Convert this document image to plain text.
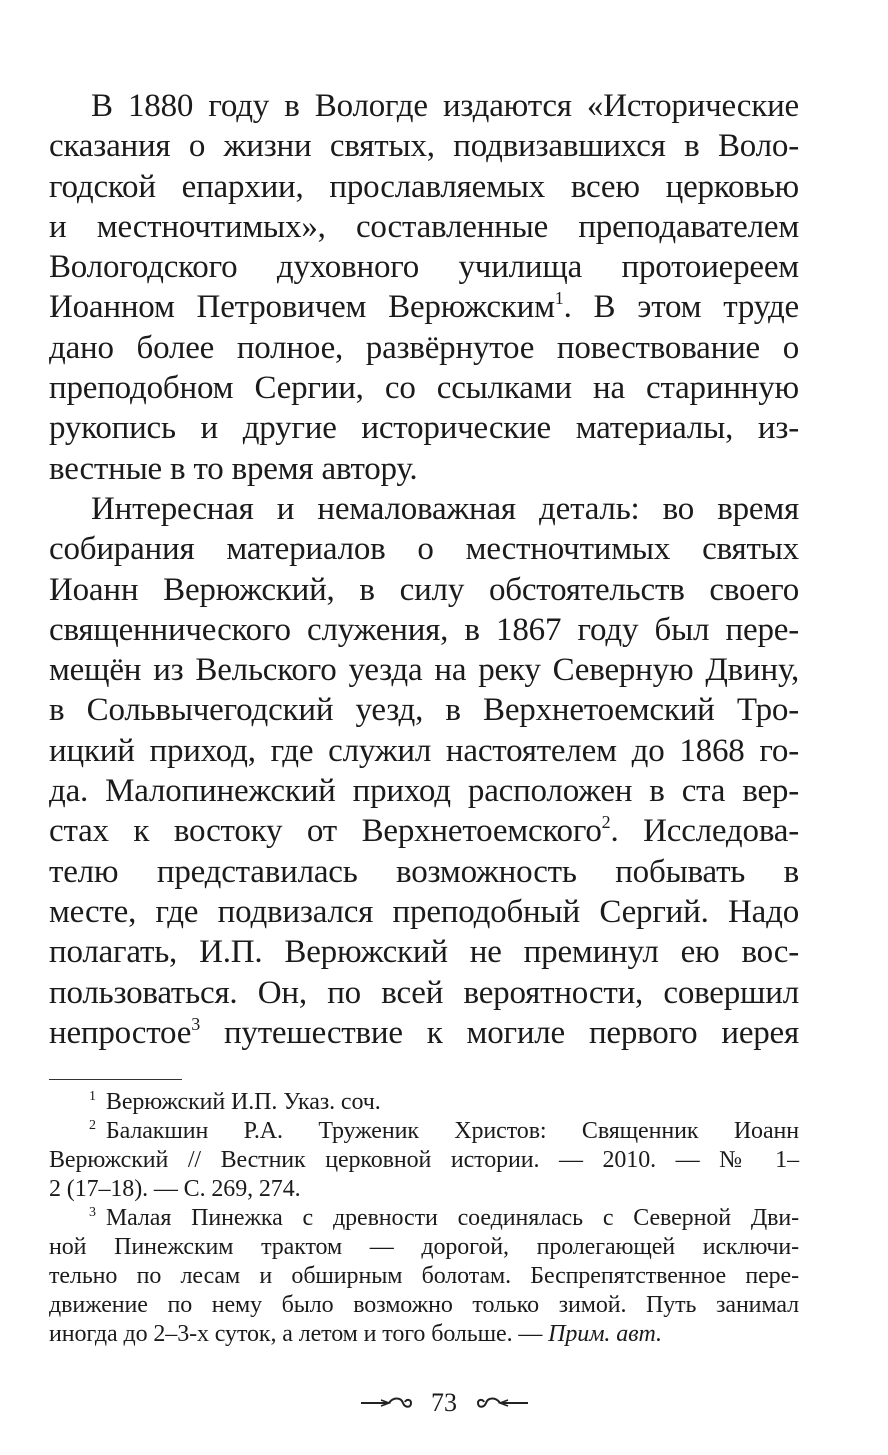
В 1880 году в Вологде издаются «Исторические
сказания о жизни святых, подвизавшихся в Воло-
годской епархии, прославляемых всею церковью
и местночтимых», составленные преподавателем
Вологодского духовного училища протоиереем
Иоанном Петровичем Верюжским$^1$. В этом труде
дано более полное, развёрнутое повествование о
преподобном Сергии, со ссылками на старинную
рукопись и другие исторические материалы, из-
вестные в то время автору.
Интересная и немаловажная деталь: во время
собирания материалов о местночтимых святых
Иоанн Верюжский, в силу обстоятельств своего
священнического служения, в 1867 году был пере-
мещён из Вельского уезда на реку Северную Двину,
в Сольвычегодский уезд, в Верхнетоемский Тро-
ицкий приход, где служил настоятелем до 1868 го-
да. Малопинежский приход расположен в ста вер-
стах к востоку от Верхнетоемского$^2$. Исследова-
телю представилась возможность побывать в
месте, где подвизался преподобный Сергий. Надо
полагать, И.П. Верюжский не преминул ею вос-
пользоваться. Он, по всей вероятности, совершил
непростое$^3$ путешествие к могиле первого иерея
$^1$ Верюжский И.П. Указ. соч.
$^2$ Балакшин Р.А. Труженик Христов: Священник Иоанн
Верюжский // Вестник церковной истории. — 2010. — № 1–
2 (17–18). — С. 269, 274.
$^3$ Малая Пинежка с древности соединялась с Северной Дви-
ной Пинежским трактом — дорогой, пролегающей исключи-
тельно по лесам и обширным болотам. Беспрепятственное пере-
движение по нему было возможно только зимой. Путь занимал
иногда до 2–3-х суток, а летом и того больше. — Прим. авт.
73
